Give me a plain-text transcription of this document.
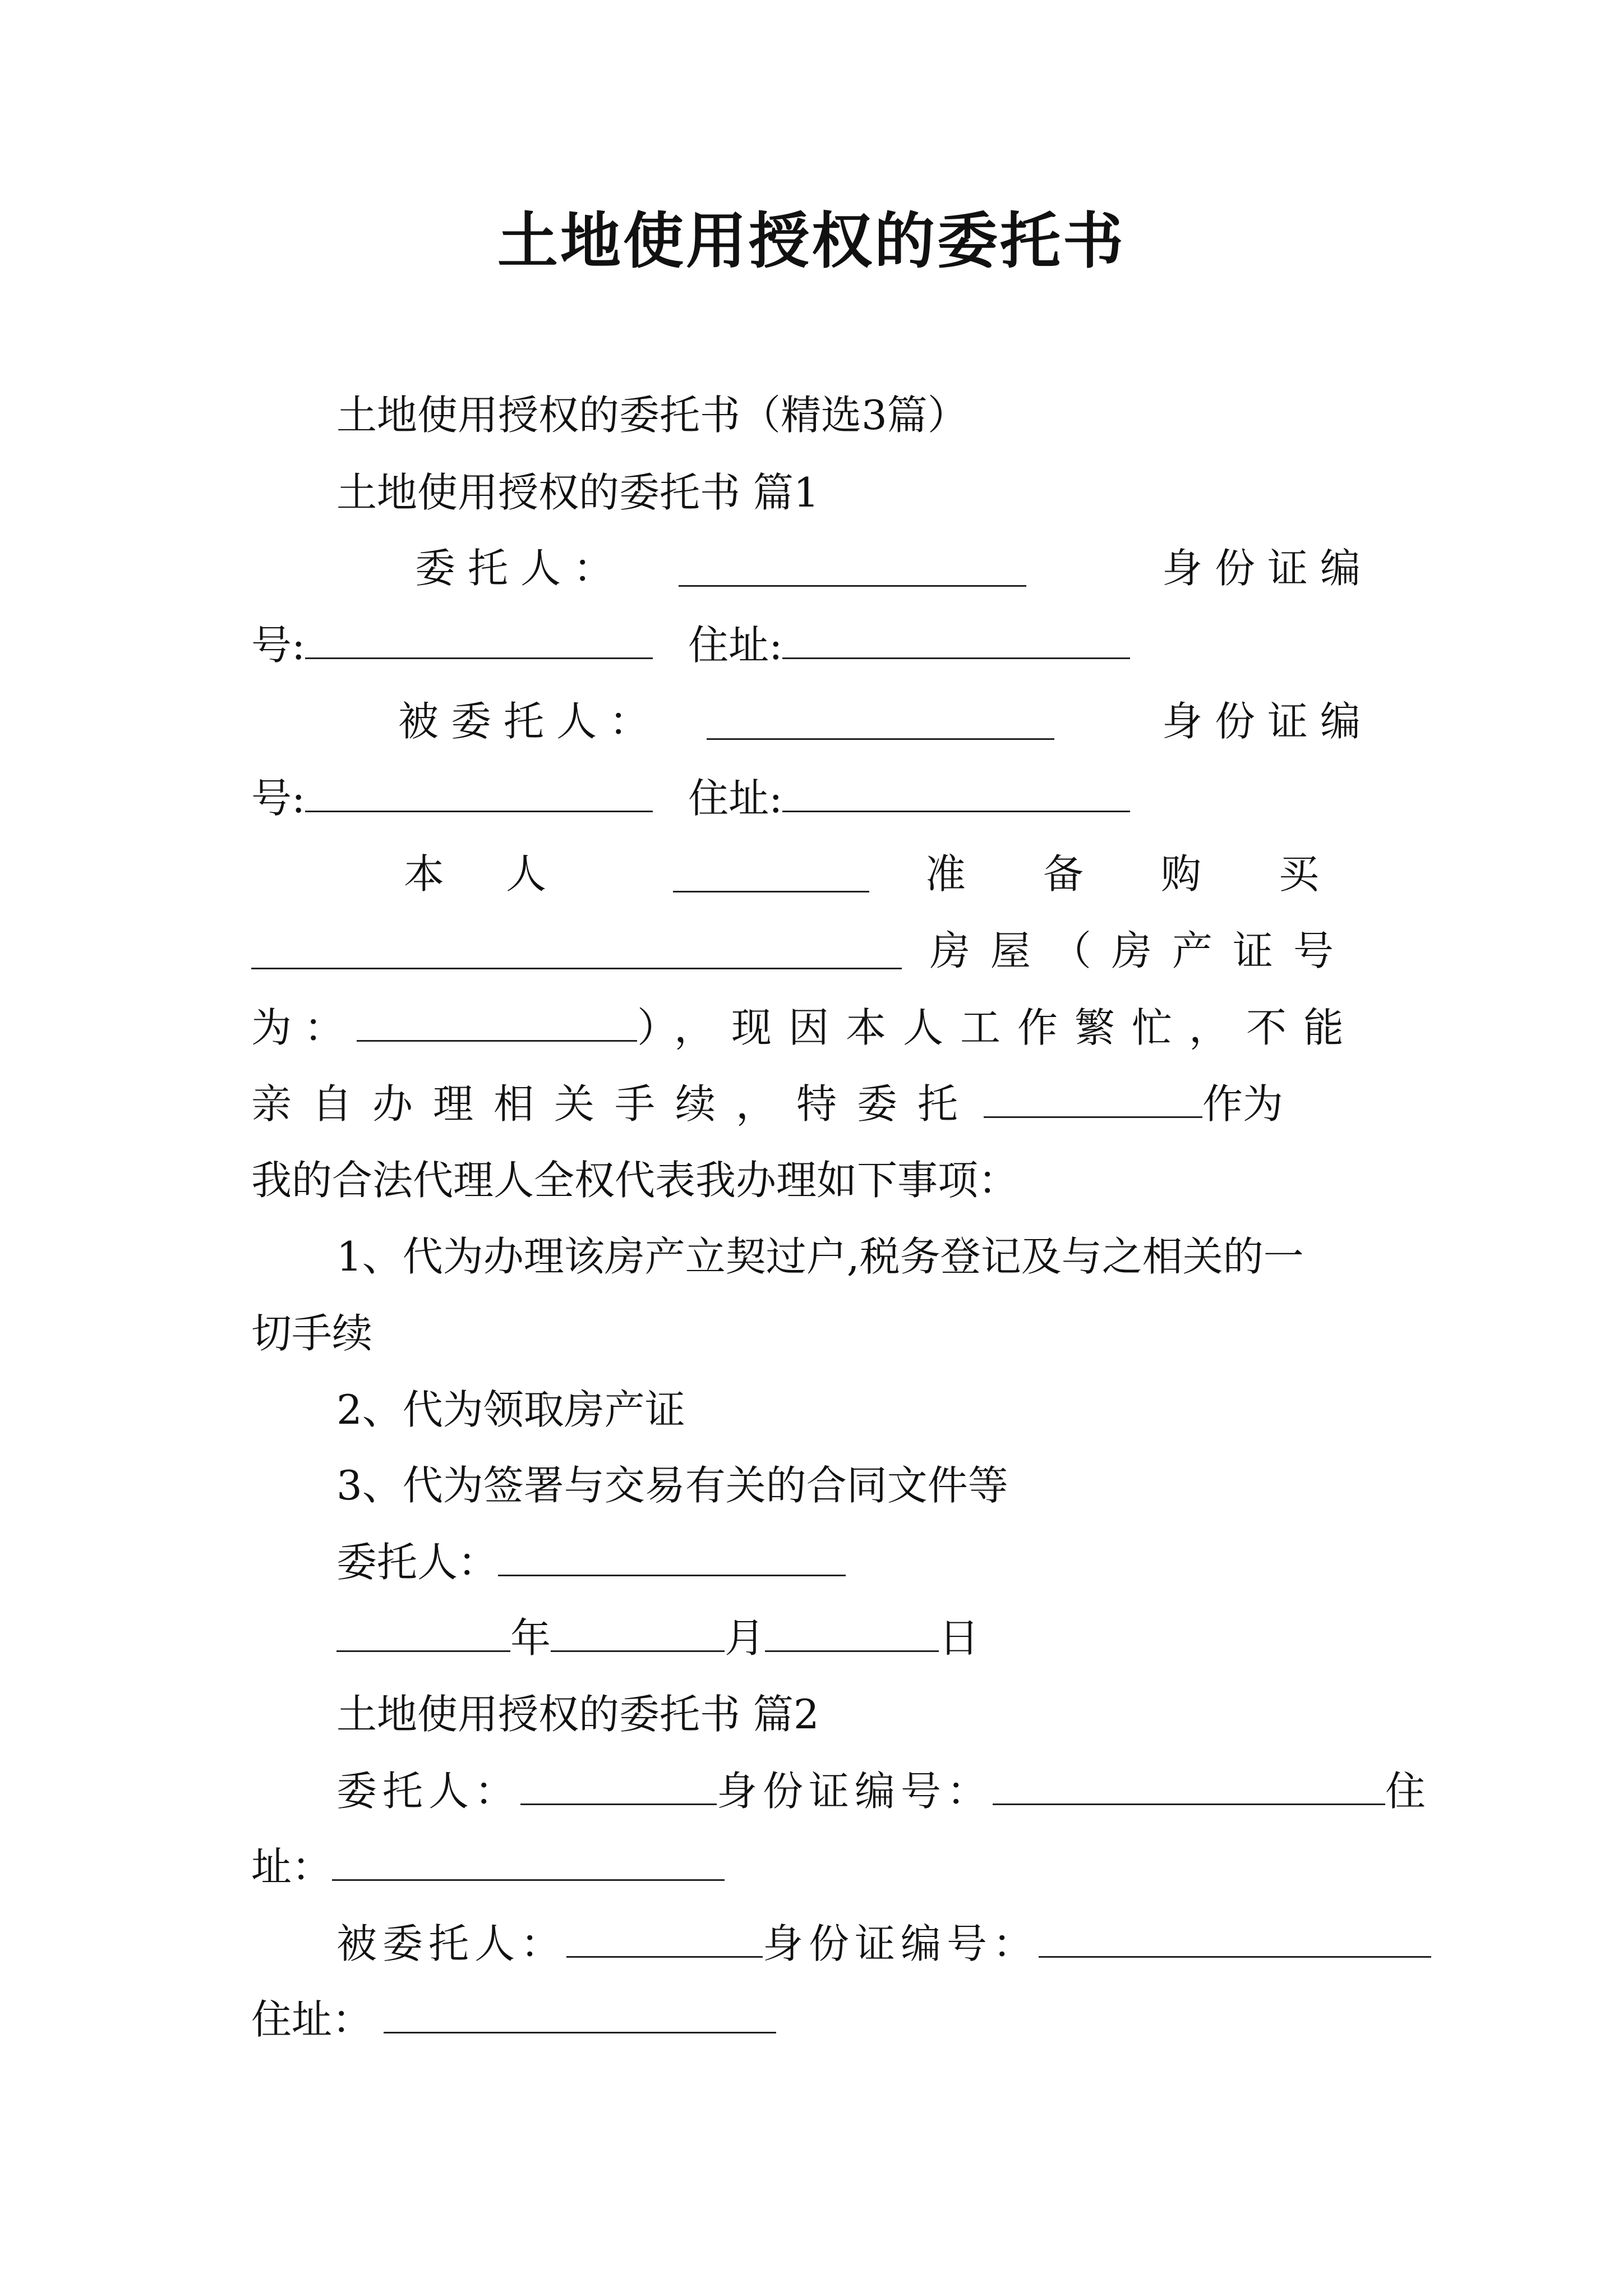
土地使用授权的委托书
土地使用授权的委托书（精选3篇）
土地使用授权的委托书 篇1
委托人：	身份证编
号:	住址:
被委托人：	身份证编
号:	住址:
本人	准备购买
房屋（房产证号
为：	），现因本人工作繁忙，不能
亲自办理相关手续，特委托	作为
我的合法代理人全权代表我办理如下事项：
1、代为办理该房产立契过户,税务登记及与之相关的一
切手续
2、代为领取房产证
3、代为签署与交易有关的合同文件等
委托人：
年	月	日
土地使用授权的委托书 篇2
委托人：	身份证编号：	住
址：
被委托人：	身份证编号：
住址：
